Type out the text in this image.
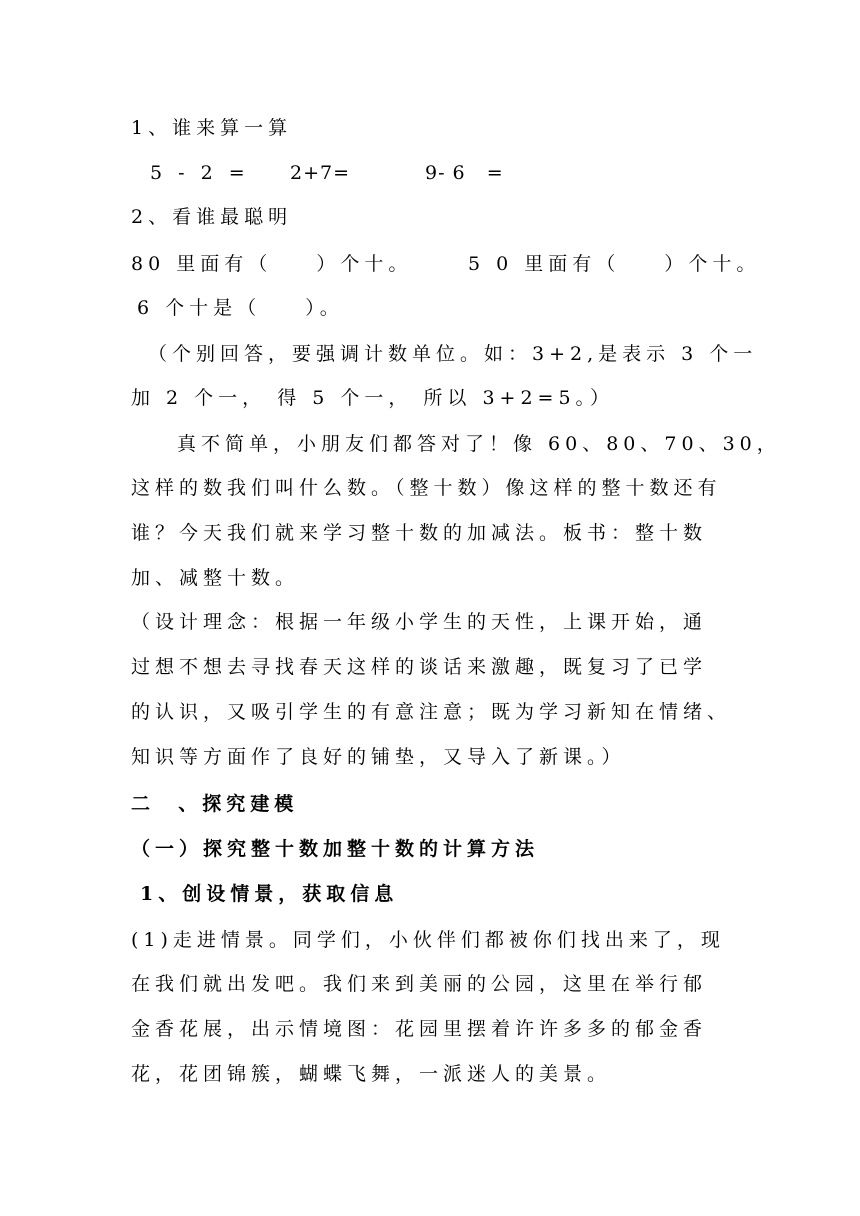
1、谁来算一算
5 - 2 = 2+7=	9- 6   =
2、看谁最聪明
80 里面有（    ）个十。	5 0 里面有（    ）个十。
6 个十是（    ）。
（个别回答，要强调计数单位。如：3+2,是表示 3 个一
加 2 个一， 得 5 个一， 所以 3+2=5。）
真不简单，小朋友们都答对了！像 60、80、70、30，
这样的数我们叫什么数。（整十数）像这样的整十数还有
谁？今天我们就来学习整十数的加减法。板书：整十数
加、减整十数。
（设计理念：根据一年级小学生的天性，上课开始，通
过想不想去寻找春天这样的谈话来激趣，既复习了已学
的认识，又吸引学生的有意注意；既为学习新知在情绪、
知识等方面作了良好的铺垫，又导入了新课。）
二  、探究建模
（一）探究整十数加整十数的计算方法
1、创设情景，获取信息
(1)走进情景。同学们，小伙伴们都被你们找出来了，现
在我们就出发吧。我们来到美丽的公园，这里在举行郁
金香花展，出示情境图：花园里摆着许许多多的郁金香
花，花团锦簇，蝴蝶飞舞，一派迷人的美景。
